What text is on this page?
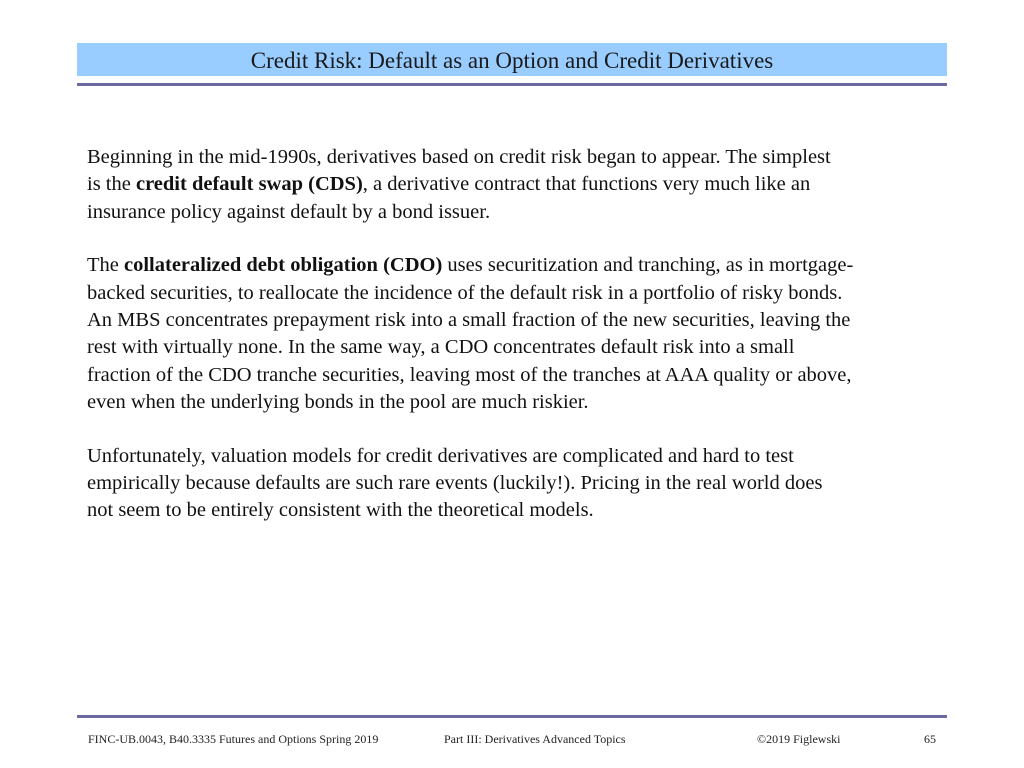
Credit Risk: Default as an Option and Credit Derivatives

Beginning in the mid-1990s, derivatives based on credit risk began to appear. The simplest
is the credit default swap (CDS), a derivative contract that functions very much like an
insurance policy against default by a bond issuer.

The collateralized debt obligation (CDO) uses securitization and tranching, as in mortgage-
backed securities, to reallocate the incidence of the default risk in a portfolio of risky bonds.
An MBS concentrates prepayment risk into a small fraction of the new securities, leaving the
rest with virtually none. In the same way, a CDO concentrates default risk into a small
fraction of the CDO tranche securities, leaving most of the tranches at AAA quality or above,
even when the underlying bonds in the pool are much riskier.

Unfortunately, valuation models for credit derivatives are complicated and hard to test
empirically because defaults are such rare events (luckily!). Pricing in the real world does
not seem to be entirely consistent with the theoretical models.

FINC-UB.0043, B40.3335 Futures and Options Spring 2019	Part III: Derivatives Advanced Topics	©2019 Figlewski	65
